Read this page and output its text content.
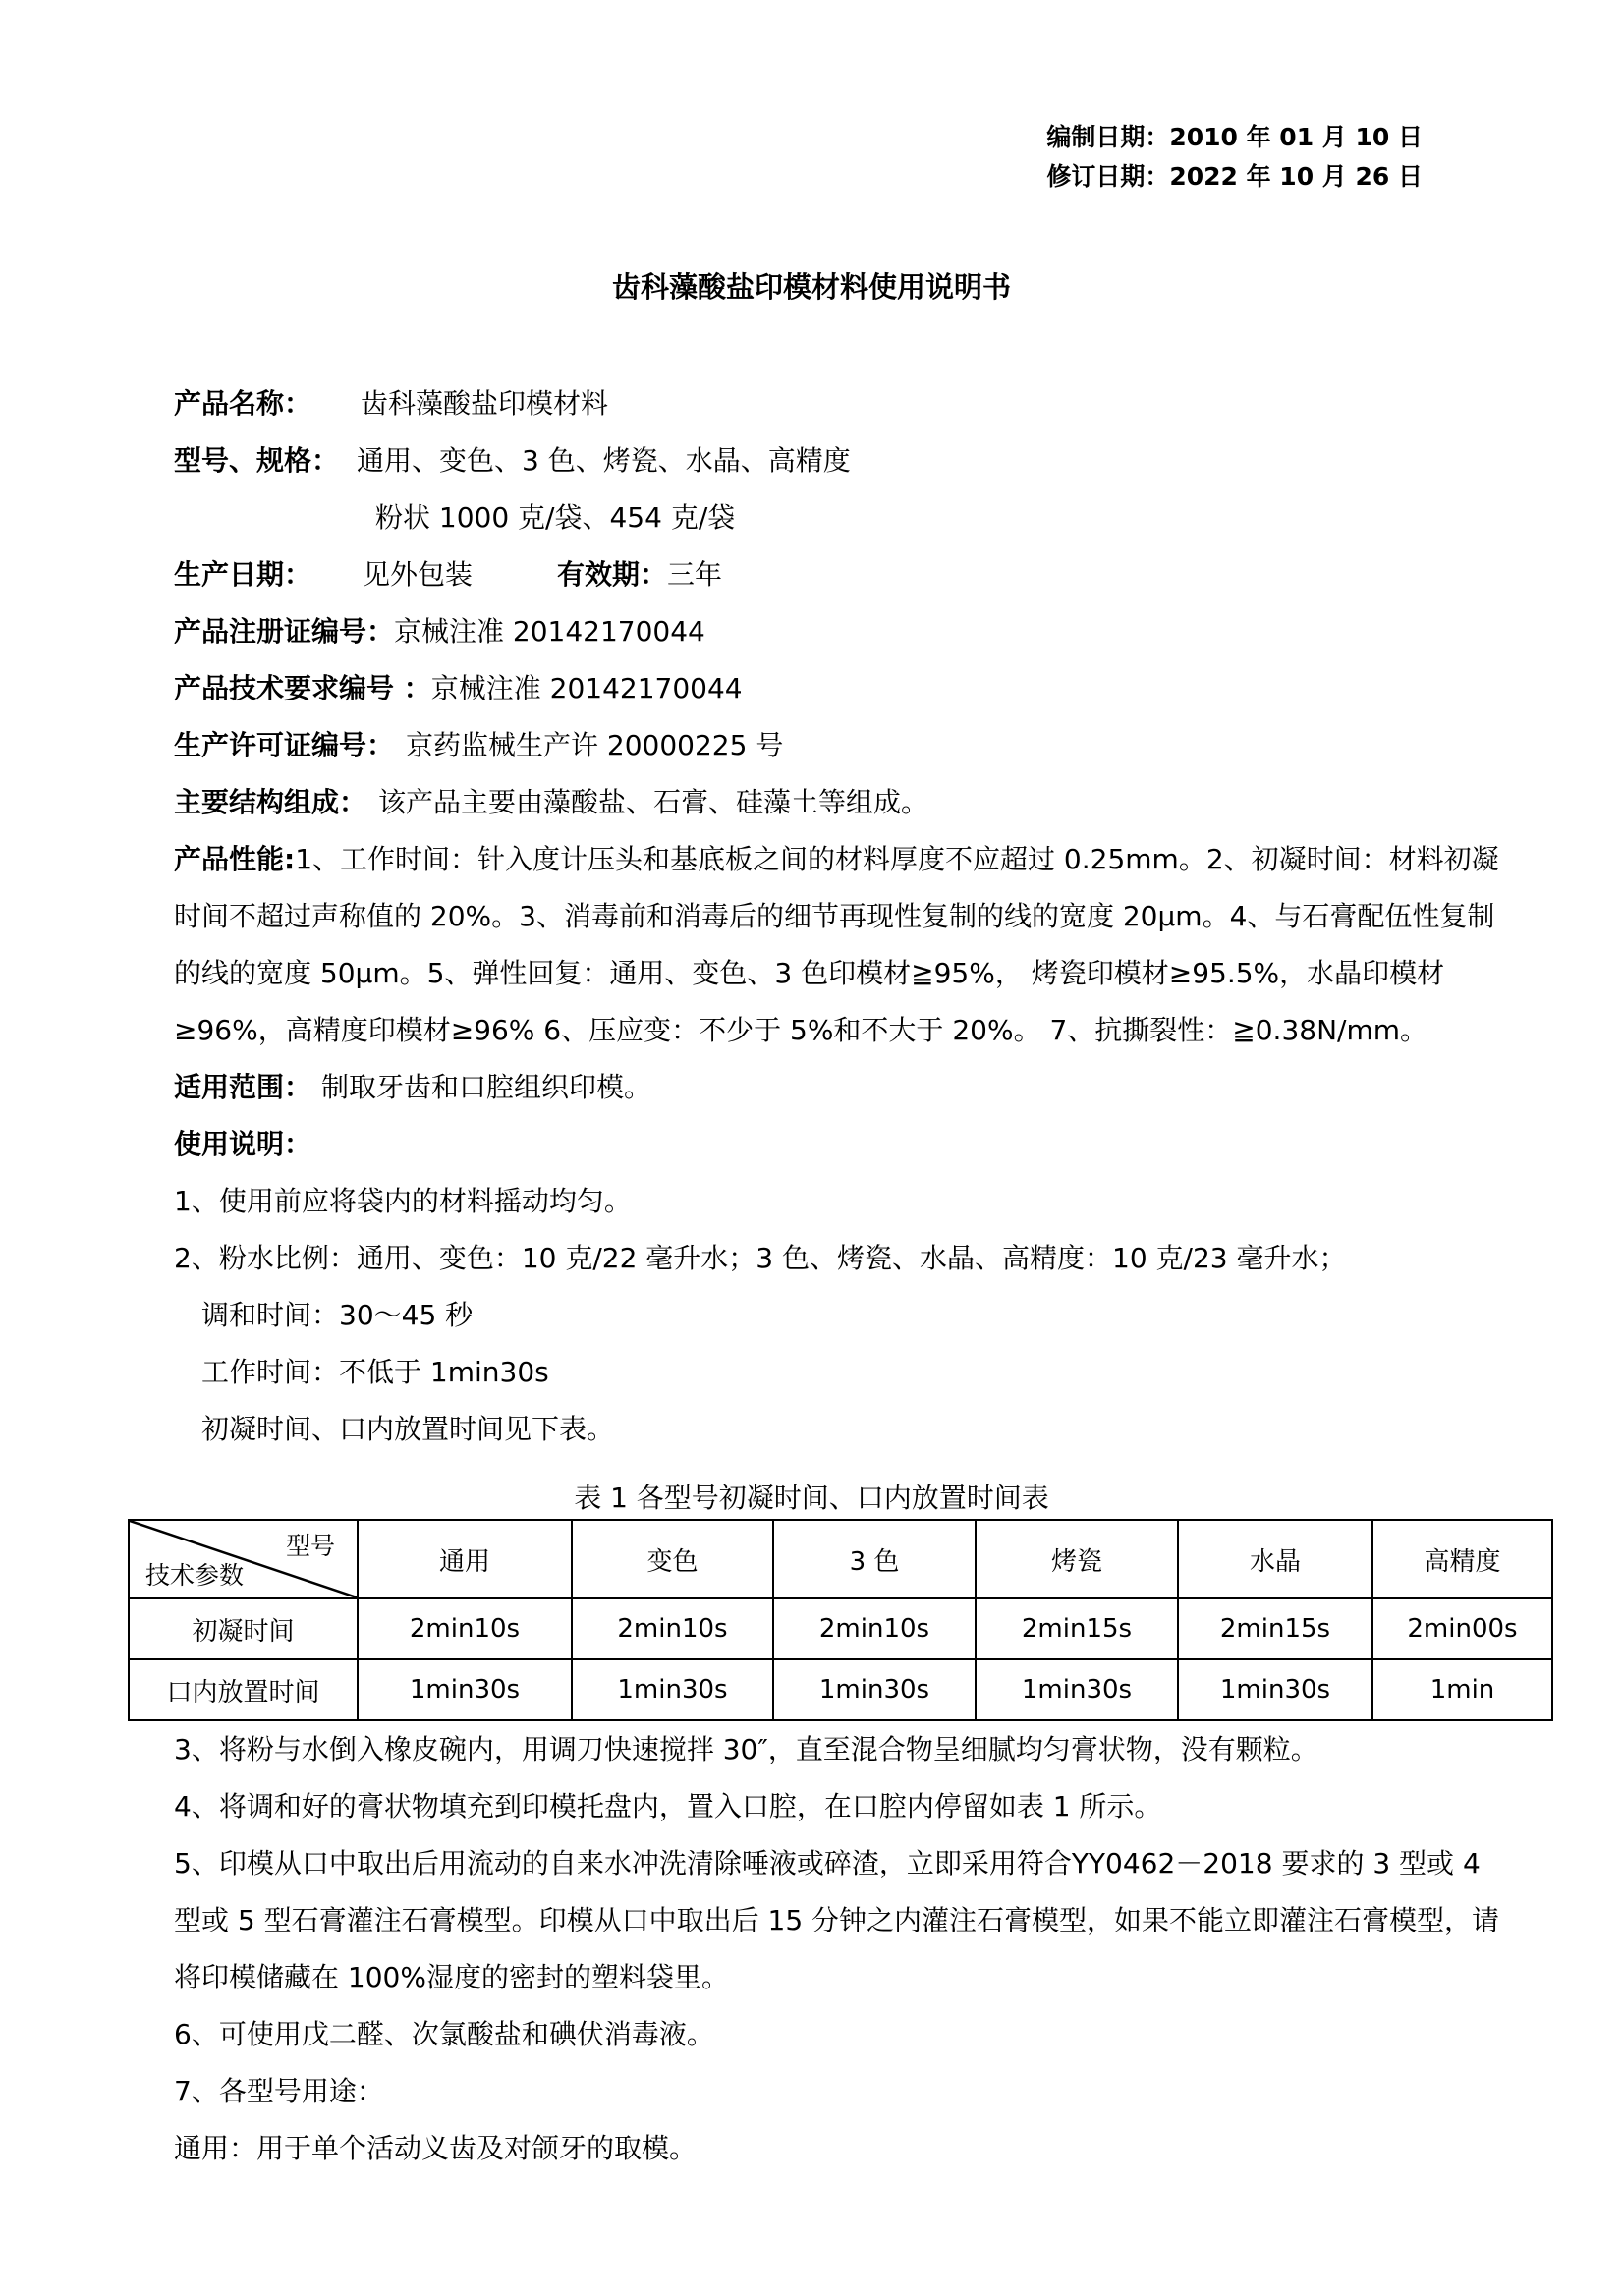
编制日期：2010 年 01 月 10 日
修订日期：2022 年 10 月 26 日
齿科藻酸盐印模材料使用说明书

产品名称： 齿科藻酸盐印模材料

型号、规格： 通用、变色、3 色、烤瓷、水晶、高精度

粉状 1000 克/袋、454 克/袋

生产日期： 见外包装	有效期：三年

产品注册证编号：京械注准 20142170044

产品技术要求编号 ：京械注准 20142170044

生产许可证编号： 京药监械生产许 20000225 号

主要结构组成： 该产品主要由藻酸盐、石膏、硅藻土等组成。

产品性能:1、工作时间：针入度计压头和基底板之间的材料厚度不应超过 0.25mm。2、初凝时间：材料初凝时间不超过声称值的 20%。3、消毒前和消毒后的细节再现性复制的线的宽度 20μm。4、与石膏配伍性复制的线的宽度 50μm。5、弹性回复：通用、变色、3 色印模材≧95%， 烤瓷印模材≥95.5%，水晶印模材≥96%，高精度印模材≥96% 6、压应变：不少于 5%和不大于 20%。 7、抗撕裂性：≧0.38N/mm。

适用范围： 制取牙齿和口腔组织印模。

使用说明：

1、使用前应将袋内的材料摇动均匀。

2、粉水比例：通用、变色：10 克/22 毫升水；3 色、烤瓷、水晶、高精度：10 克/23 毫升水；

调和时间：30～45 秒

工作时间：不低于 1min30s

初凝时间、口内放置时间见下表。

表 1 各型号初凝时间、口内放置时间表
型号
技术参数	通用	变色	3 色	烤瓷	水晶	高精度
初凝时间	2min10s	2min10s	2min10s	2min15s	2min15s	2min00s
口内放置时间	1min30s	1min30s	1min30s	1min30s	1min30s	1min

3、将粉与水倒入橡皮碗内，用调刀快速搅拌 30″，直至混合物呈细腻均匀膏状物，没有颗粒。

4、将调和好的膏状物填充到印模托盘内，置入口腔，在口腔内停留如表 1 所示。

5、印模从口中取出后用流动的自来水冲洗清除唾液或碎渣，立即采用符合YY0462－2018 要求的 3 型或 4 型或 5 型石膏灌注石膏模型。印模从口中取出后 15 分钟之内灌注石膏模型，如果不能立即灌注石膏模型，请将印模储藏在 100%湿度的密封的塑料袋里。

6、可使用戊二醛、次氯酸盐和碘伏消毒液。

7、各型号用途：

通用：用于单个活动义齿及对颌牙的取模。
